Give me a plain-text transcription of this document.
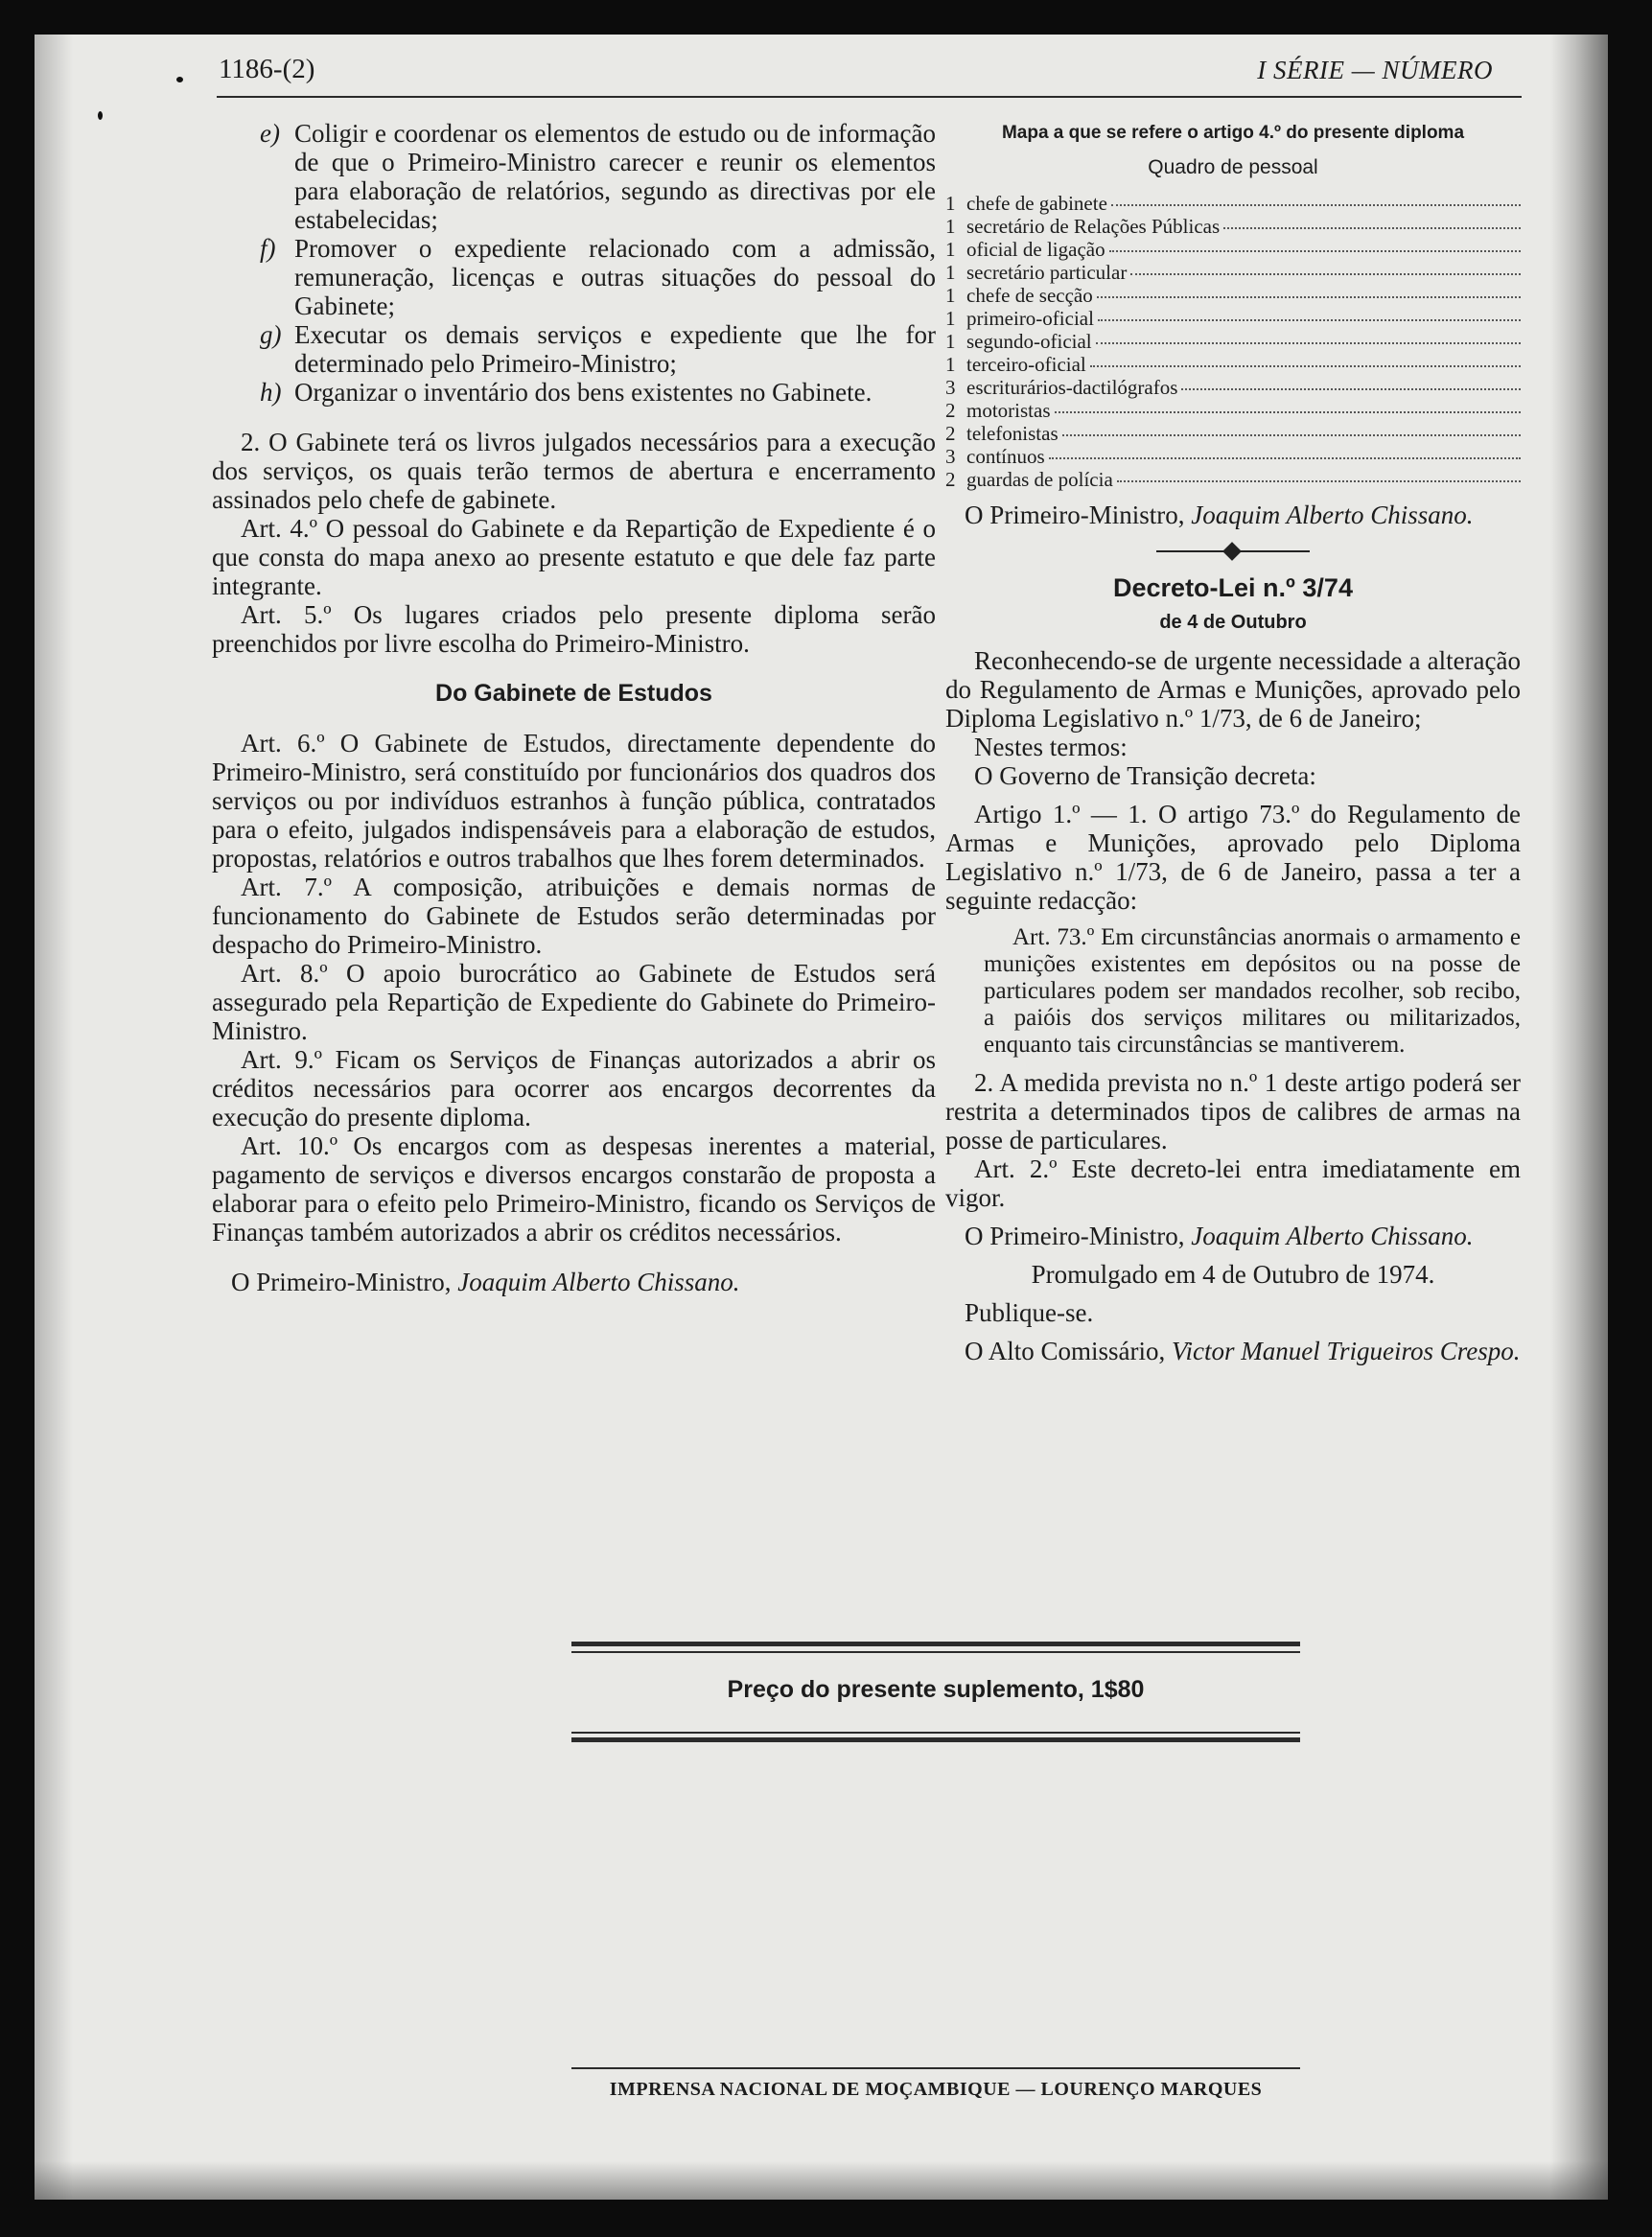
1186-(2)	I SÉRIE — NÚMERO

e) Coligir e coordenar os elementos de estudo ou de informação de que o Primeiro-Ministro carecer e reunir os elementos para elaboração de relatórios, segundo as directivas por ele estabelecidas;

f) Promover o expediente relacionado com a admissão, remuneração, licenças e outras situações do pessoal do Gabinete;

g) Executar os demais serviços e expediente que lhe for determinado pelo Primeiro-Ministro;

h) Organizar o inventário dos bens existentes no Gabinete.

2. O Gabinete terá os livros julgados necessários para a execução dos serviços, os quais terão termos de abertura e encerramento assinados pelo chefe de gabinete.

Art. 4.º O pessoal do Gabinete e da Repartição de Expediente é o que consta do mapa anexo ao presente estatuto e que dele faz parte integrante.

Art. 5.º Os lugares criados pelo presente diploma serão preenchidos por livre escolha do Primeiro-Ministro.

Do Gabinete de Estudos

Art. 6.º O Gabinete de Estudos, directamente dependente do Primeiro-Ministro, será constituído por funcionários dos quadros dos serviços ou por indivíduos estranhos à função pública, contratados para o efeito, julgados indispensáveis para a elaboração de estudos, propostas, relatórios e outros trabalhos que lhes forem determinados.

Art. 7.º A composição, atribuições e demais normas de funcionamento do Gabinete de Estudos serão determinadas por despacho do Primeiro-Ministro.

Art. 8.º O apoio burocrático ao Gabinete de Estudos será assegurado pela Repartição de Expediente do Gabinete do Primeiro-Ministro.

Art. 9.º Ficam os Serviços de Finanças autorizados a abrir os créditos necessários para ocorrer aos encargos decorrentes da execução do presente diploma.

Art. 10.º Os encargos com as despesas inerentes a material, pagamento de serviços e diversos encargos constarão de proposta a elaborar para o efeito pelo Primeiro-Ministro, ficando os Serviços de Finanças também autorizados a abrir os créditos necessários.

O Primeiro-Ministro, Joaquim Alberto Chissano.

Mapa a que se refere o artigo 4.º do presente diploma

Quadro de pessoal

1 chefe de gabinete
1 secretário de Relações Públicas
1 oficial de ligação
1 secretário particular
1 chefe de secção
1 primeiro-oficial
1 segundo-oficial
1 terceiro-oficial
3 escriturários-dactilógrafos
2 motoristas
2 telefonistas
3 contínuos
2 guardas de polícia

O Primeiro-Ministro, Joaquim Alberto Chissano.

Decreto-Lei n.º 3/74

de 4 de Outubro

Reconhecendo-se de urgente necessidade a alteração do Regulamento de Armas e Munições, aprovado pelo Diploma Legislativo n.º 1/73, de 6 de Janeiro;

Nestes termos:

O Governo de Transição decreta:

Artigo 1.º — 1. O artigo 73.º do Regulamento de Armas e Munições, aprovado pelo Diploma Legislativo n.º 1/73, de 6 de Janeiro, passa a ter a seguinte redacção:

Art. 73.º Em circunstâncias anormais o armamento e munições existentes em depósitos ou na posse de particulares podem ser mandados recolher, sob recibo, a paióis dos serviços militares ou militarizados, enquanto tais circunstâncias se mantiverem.

2. A medida prevista no n.º 1 deste artigo poderá ser restrita a determinados tipos de calibres de armas na posse de particulares.

Art. 2.º Este decreto-lei entra imediatamente em vigor.

O Primeiro-Ministro, Joaquim Alberto Chissano.

Promulgado em 4 de Outubro de 1974.

Publique-se.

O Alto Comissário, Victor Manuel Trigueiros Crespo.

Preço do presente suplemento, 1$80
IMPRENSA NACIONAL DE MOÇAMBIQUE — LOURENÇO MARQUES
